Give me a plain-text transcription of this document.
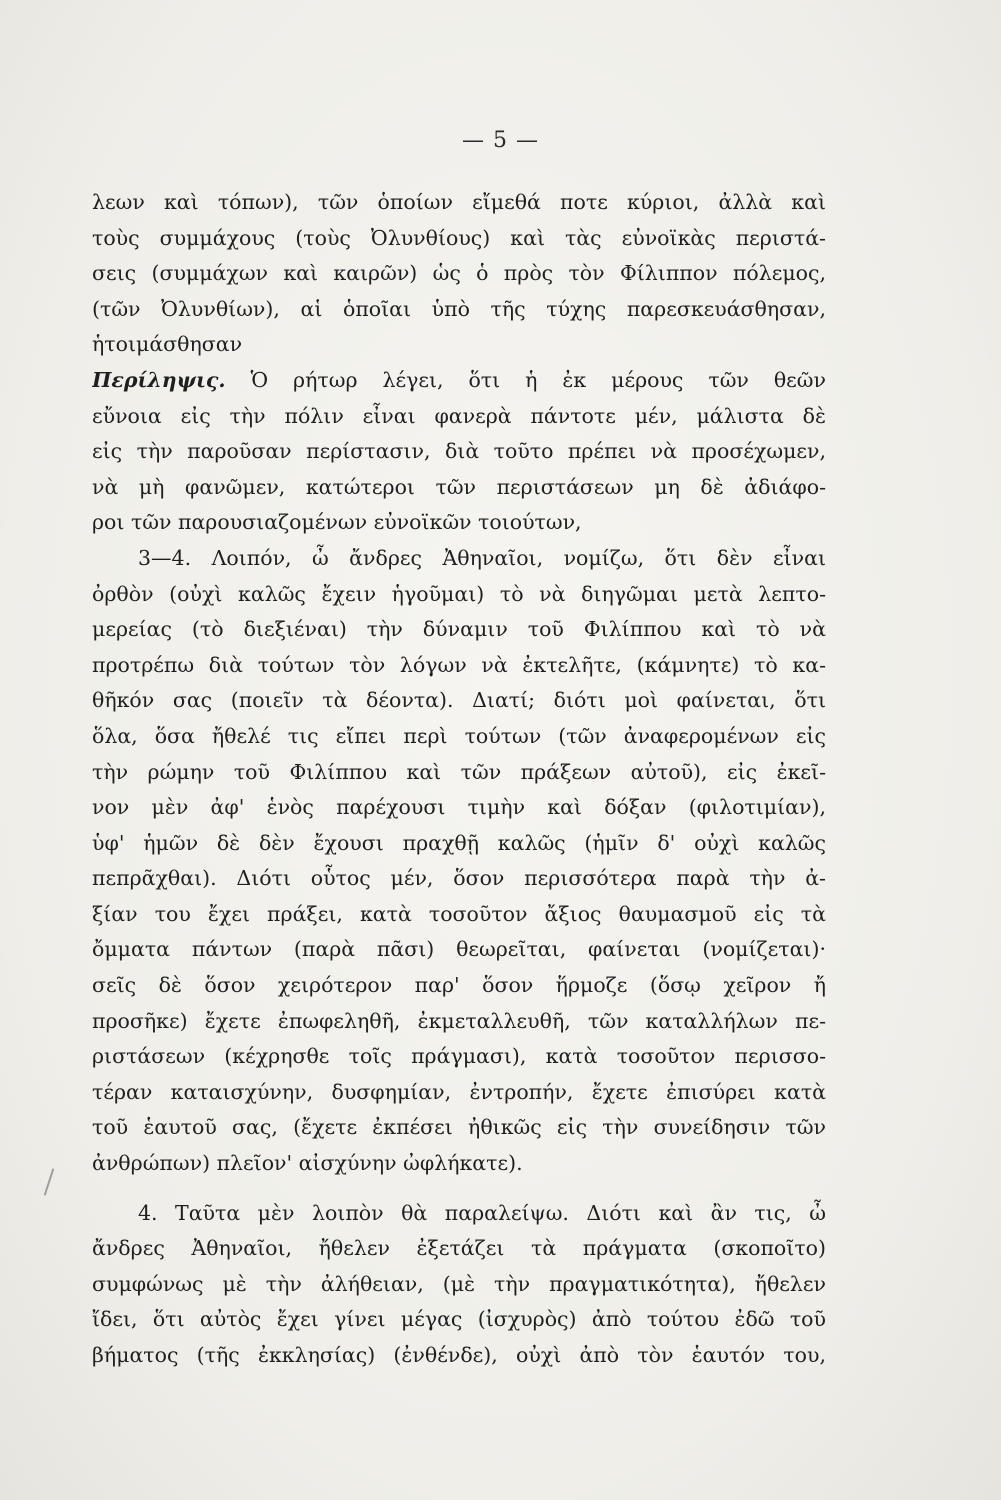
— 5 —
λεων καὶ τόπων), τῶν ὁποίων εἴμεθά ποτε κύριοι, ἀλλὰ καὶ
τοὺς συμμάχους (τοὺς Ὀλυνθίους) καὶ τὰς εὐνοϊκὰς περιστά-
σεις (συμμάχων καὶ καιρῶν) ὡς ὁ πρὸς τὸν Φίλιππον πόλεμος,
(τῶν Ὀλυνθίων), αἱ ὁποῖαι ὑπὸ τῆς τύχης παρεσκευάσθησαν,
ἡτοιμάσθησαν
Περίληψις. Ὁ ρήτωρ λέγει, ὅτι ἡ ἐκ μέρους τῶν θεῶν
εὔνοια εἰς τὴν πόλιν εἶναι φανερὰ πάντοτε μέν, μάλιστα δὲ
εἰς τὴν παροῦσαν περίστασιν, διὰ τοῦτο πρέπει νὰ προσέχωμεν,
νὰ μὴ φανῶμεν, κατώτεροι τῶν περιστάσεων μη δὲ ἀδιάφο-
ροι τῶν παρουσιαζομένων εὐνοϊκῶν τοιούτων,
3—4. Λοιπόν, ὦ ἄνδρες Ἀθηναῖοι, νομίζω, ὅτι δὲν εἶναι
ὀρθὸν (οὐχὶ καλῶς ἔχειν ἡγοῦμαι) τὸ νὰ διηγῶμαι μετὰ λεπτο-
μερείας (τὸ διεξιέναι) τὴν δύναμιν τοῦ Φιλίππου καὶ τὸ νὰ
προτρέπω διὰ τούτων τὸν λόγων νὰ ἐκτελῆτε, (κάμνητε) τὸ κα-
θῆκόν σας (ποιεῖν τὰ δέοντα). Διατί; διότι μοὶ φαίνεται, ὅτι
ὅλα, ὅσα ἤθελέ τις εἴπει περὶ τούτων (τῶν ἀναφερομένων εἰς
τὴν ρώμην τοῦ Φιλίππου καὶ τῶν πράξεων αὐτοῦ), εἰς ἐκεῖ-
νον μὲν ἀφ' ἑνὸς παρέχουσι τιμὴν καὶ δόξαν (φιλοτιμίαν),
ὑφ' ἡμῶν δὲ δὲν ἔχουσι πραχθῇ καλῶς (ἡμῖν δ' οὐχὶ καλῶς
πεπρᾶχθαι). Διότι οὗτος μέν, ὅσον περισσότερα παρὰ τὴν ἀ-
ξίαν του ἔχει πράξει, κατὰ τοσοῦτον ἄξιος θαυμασμοῦ εἰς τὰ
ὄμματα πάντων (παρὰ πᾶσι) θεωρεῖται, φαίνεται (νομίζεται)·
σεῖς δὲ ὅσον χειρότερον παρ' ὅσον ἥρμοζε (ὅσῳ χεῖρον ἤ
προσῆκε) ἔχετε ἐπωφεληθῆ, ἐκμεταλλευθῆ, τῶν καταλλήλων πε-
ριστάσεων (κέχρησθε τοῖς πράγμασι), κατὰ τοσοῦτον περισσο-
τέραν καταισχύνην, δυσφημίαν, ἐντροπήν, ἔχετε ἐπισύρει κατὰ
τοῦ ἑαυτοῦ σας, (ἔχετε ἐκπέσει ἠθικῶς εἰς τὴν συνείδησιν τῶν
ἀνθρώπων) πλεῖον' αἰσχύνην ὠφλήκατε).
4. Ταῦτα μὲν λοιπὸν θὰ παραλείψω. Διότι καὶ ἂν τις, ὦ
ἄνδρες Ἀθηναῖοι, ἤθελεν ἐξετάζει τὰ πράγματα (σκοποῖτο)
συμφώνως μὲ τὴν ἀλήθειαν, (μὲ τὴν πραγματικότητα), ἤθελεν
ἴδει, ὅτι αὐτὸς ἔχει γίνει μέγας (ἰσχυρὸς) ἀπὸ τούτου ἐδῶ τοῦ
βήματος (τῆς ἐκκλησίας) (ἐνθένδε), οὐχὶ ἀπὸ τὸν ἑαυτόν του,
